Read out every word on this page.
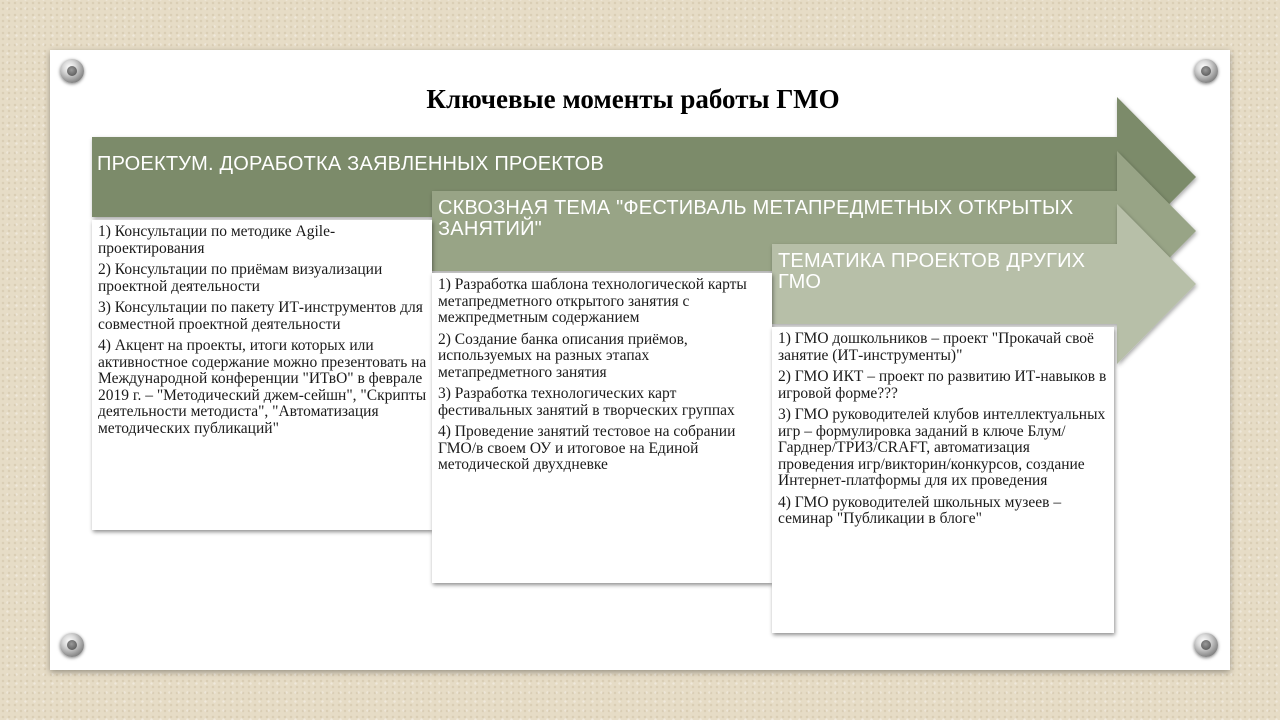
Ключевые моменты работы ГМО
ПРОЕКТУМ. ДОРАБОТКА ЗАЯВЛЕННЫХ ПРОЕКТОВ
СКВОЗНАЯ ТЕМА "ФЕСТИВАЛЬ МЕТАПРЕДМЕТНЫХ ОТКРЫТЫХ ЗАНЯТИЙ"
ТЕМАТИКА ПРОЕКТОВ ДРУГИХ ГМО

1) Консультации по методике Agile-проектирования

2) Консультации по приёмам визуализации проектной деятельности

3) Консультации по пакету ИТ-инструментов для совместной проектной деятельности

4) Акцент на проекты, итоги которых или активностное содержание можно презентовать на Международной конференции "ИТвО" в феврале 2019 г. – "Методический джем-сейшн", "Скрипты деятельности методиста", "Автоматизация методических публикаций"

1) Разработка шаблона технологической карты метапредметного открытого занятия с межпредметным содержанием

2) Создание банка описания приёмов, используемых на разных этапах метапредметного занятия

3) Разработка технологических карт фестивальных занятий в творческих группах

4) Проведение занятий тестовое на собрании ГМО/в своем ОУ и итоговое на Единой методической двухдневке

1) ГМО дошкольников – проект "Прокачай своё занятие (ИТ-инструменты)"

2) ГМО ИКТ – проект по развитию ИТ-навыков в игровой форме???

3) ГМО руководителей клубов интеллектуальных игр – формулировка заданий в ключе Блум/Гарднер/ТРИЗ/CRAFT, автоматизация проведения игр/викторин/конкурсов, создание Интернет-платформы для их проведения

4) ГМО руководителей школьных музеев – семинар "Публикации в блоге"
